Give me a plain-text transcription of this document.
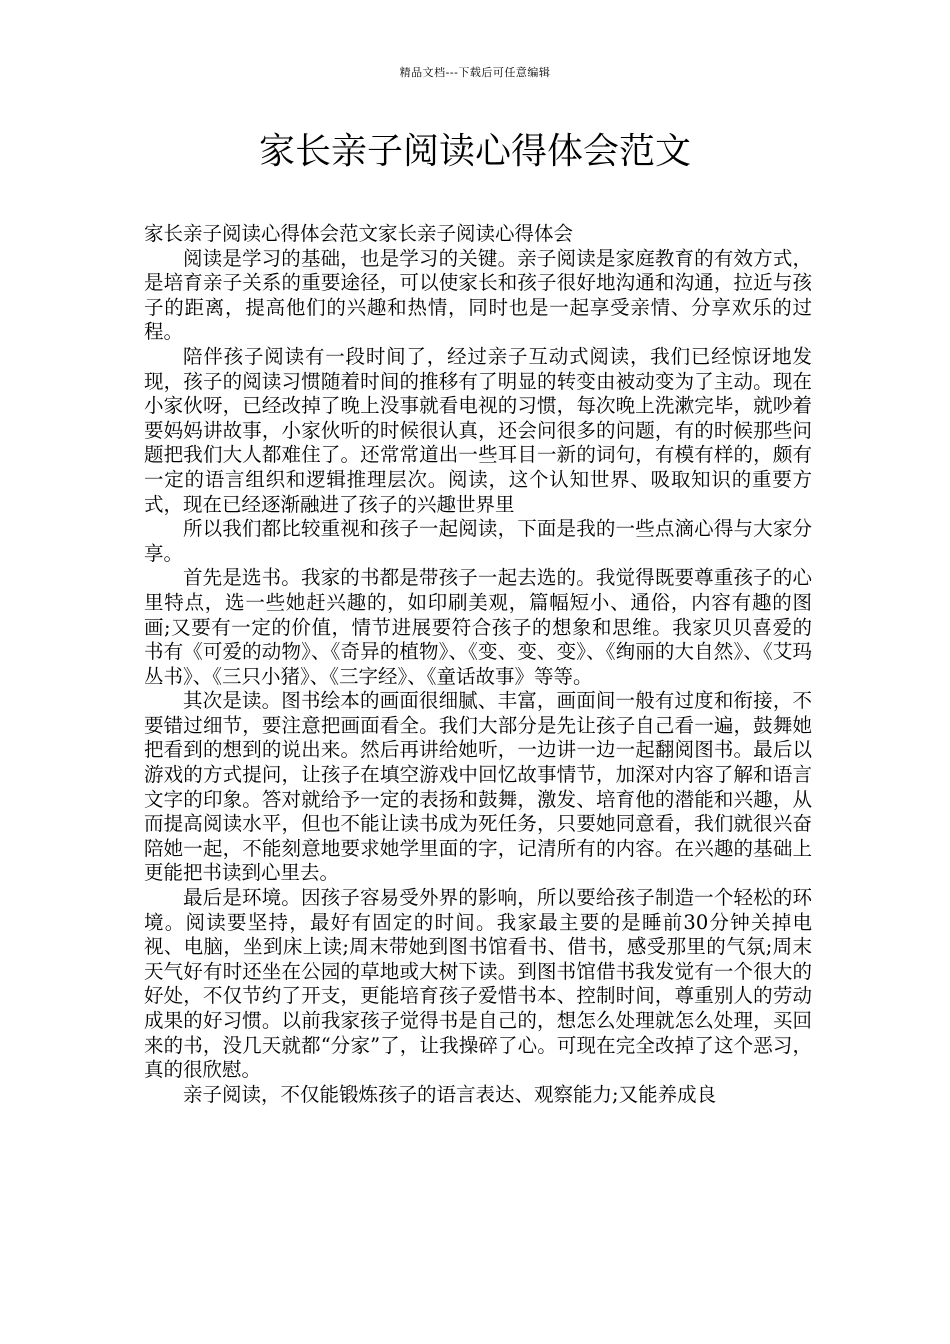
精品文档---下载后可任意编辑
家长亲子阅读心得体会范文

家长亲子阅读心得体会范文家长亲子阅读心得体会

阅读是学习的基础，也是学习的关键。亲子阅读是家庭教育的有效方式，是培育亲子关系的重要途径，可以使家长和孩子很好地沟通和沟通，拉近与孩子的距离，提高他们的兴趣和热情，同时也是一起享受亲情、分享欢乐的过程。

陪伴孩子阅读有一段时间了，经过亲子互动式阅读，我们已经惊讶地发现，孩子的阅读习惯随着时间的推移有了明显的转变由被动变为了主动。现在小家伙呀，已经改掉了晚上没事就看电视的习惯，每次晚上洗漱完毕，就吵着要妈妈讲故事，小家伙听的时候很认真，还会问很多的问题，有的时候那些问题把我们大人都难住了。还常常道出一些耳目一新的词句，有模有样的，颇有一定的语言组织和逻辑推理层次。阅读，这个认知世界、吸取知识的重要方式，现在已经逐渐融进了孩子的兴趣世界里

所以我们都比较重视和孩子一起阅读，下面是我的一些点滴心得与大家分享。

首先是选书。我家的书都是带孩子一起去选的。我觉得既要尊重孩子的心里特点，选一些她赶兴趣的，如印刷美观，篇幅短小、通俗，内容有趣的图画;又要有一定的价值，情节进展要符合孩子的想象和思维。我家贝贝喜爱的书有《可爱的动物》、《奇异的植物》、《变、变、变》、《绚丽的大自然》、《艾玛丛书》、《三只小猪》、《三字经》、《童话故事》等等。

其次是读。图书绘本的画面很细腻、丰富，画面间一般有过度和衔接，不要错过细节，要注意把画面看全。我们大部分是先让孩子自己看一遍，鼓舞她把看到的想到的说出来。然后再讲给她听，一边讲一边一起翻阅图书。最后以游戏的方式提问，让孩子在填空游戏中回忆故事情节，加深对内容了解和语言文字的印象。答对就给予一定的表扬和鼓舞，激发、培育他的潜能和兴趣，从而提高阅读水平，但也不能让读书成为死任务，只要她同意看，我们就很兴奋陪她一起，不能刻意地要求她学里面的字，记清所有的内容。在兴趣的基础上更能把书读到心里去。

最后是环境。因孩子容易受外界的影响，所以要给孩子制造一个轻松的环境。阅读要坚持，最好有固定的时间。我家最主要的是睡前30分钟关掉电视、电脑，坐到床上读;周末带她到图书馆看书、借书，感受那里的气氛;周末天气好有时还坐在公园的草地或大树下读。到图书馆借书我发觉有一个很大的好处，不仅节约了开支，更能培育孩子爱惜书本、控制时间，尊重别人的劳动成果的好习惯。以前我家孩子觉得书是自己的，想怎么处理就怎么处理，买回来的书，没几天就都“分家”了，让我操碎了心。可现在完全改掉了这个恶习，真的很欣慰。

亲子阅读，不仅能锻炼孩子的语言表达、观察能力;又能养成良
